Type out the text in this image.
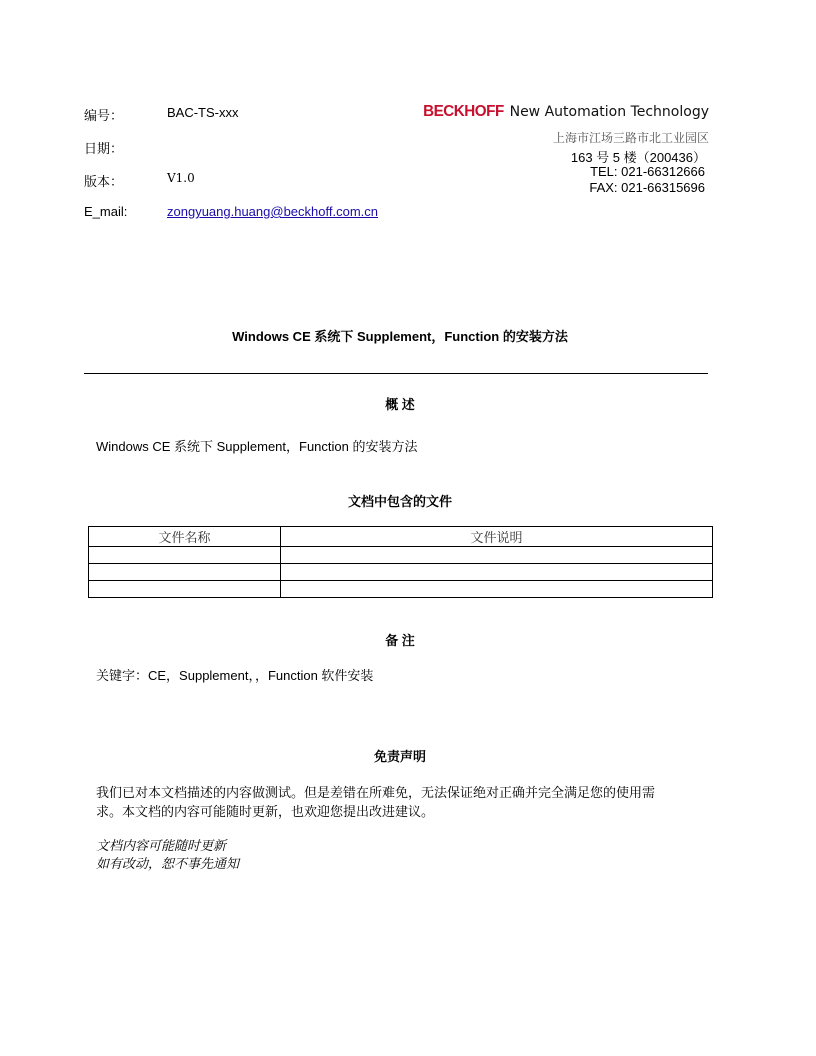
编号：	BAC-TS-xxx
日期：
版本：	V1.0
E_mail:	zongyuang.huang@beckhoff.com.cn
BECKHOFF New Automation Technology
上海市江场三路市北工业园区
163 号 5 楼（200436）
TEL: 021-66312666
FAX: 021-66315696
Windows CE 系统下 Supplement，Function 的安装方法
概 述
Windows CE 系统下 Supplement，Function 的安装方法
文档中包含的文件
文件名称	文件说明

备 注
关键字：CE，Supplement，，Function 软件安装
免责声明
我们已对本文档描述的内容做测试。但是差错在所难免，无法保证绝对正确并完全满足您的使用需
求。本文档的内容可能随时更新，也欢迎您提出改进建议。
文档内容可能随时更新
如有改动，恕不事先通知
